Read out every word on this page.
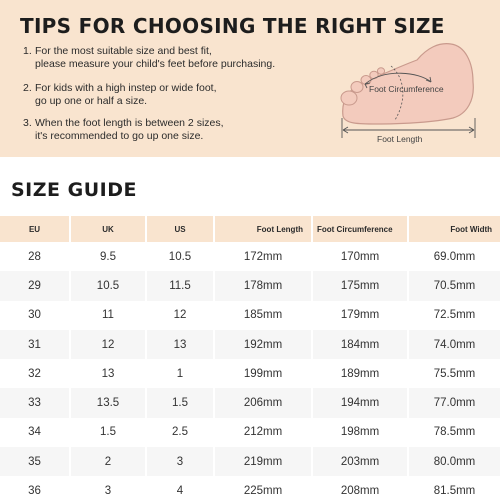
TIPS FOR CHOOSING THE RIGHT SIZE
1. For the most suitable size and best fit,
please measure your child's feet before purchasing.
2. For kids with a high instep or wide foot,
go up one or half a size.
3. When the foot length is between 2 sizes,
it's recommended to go up one size.
Foot Circumference
Foot Length
SIZE GUIDE
EU	UK	US	Foot Length	Foot Circumference	Foot Width
28	9.5	10.5	172mm	170mm	69.0mm
29	10.5	11.5	178mm	175mm	70.5mm
30	11	12	185mm	179mm	72.5mm
31	12	13	192mm	184mm	74.0mm
32	13	1	199mm	189mm	75.5mm
33	13.5	1.5	206mm	194mm	77.0mm
34	1.5	2.5	212mm	198mm	78.5mm
35	2	3	219mm	203mm	80.0mm
36	3	4	225mm	208mm	81.5mm
